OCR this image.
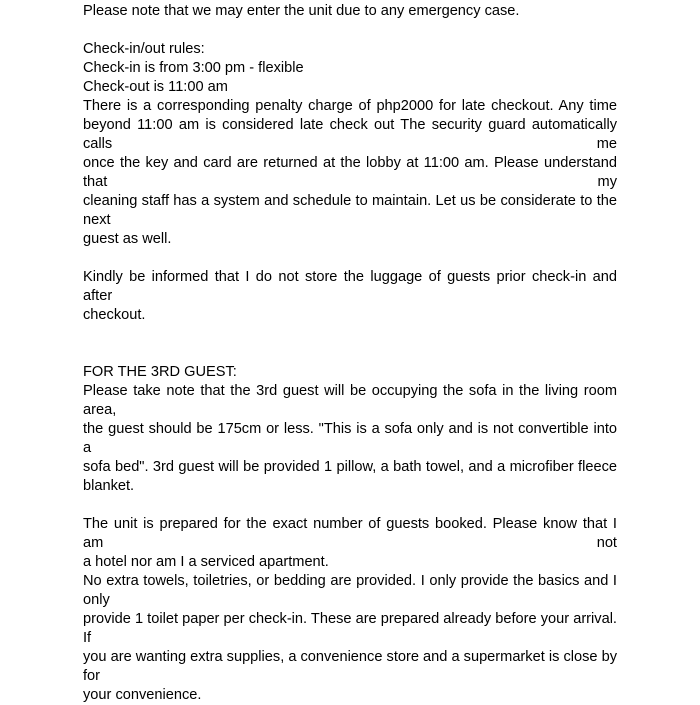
Please note that we may enter the unit due to any emergency case.
Check-in/out rules:
Check-in is from 3:00 pm - flexible
Check-out is 11:00 am
There is a corresponding penalty charge of php2000 for late checkout. Any time
beyond 11:00 am is considered late check out The security guard automatically calls me
once the key and card are returned at the lobby at 11:00 am. Please understand that my
cleaning staff has a system and schedule to maintain. Let us be considerate to the next
guest as well.
Kindly be informed that I do not store the luggage of guests prior check-in and after
checkout.
FOR THE 3RD GUEST:
Please take note that the 3rd guest will be occupying the sofa in the living room area,
the guest should be 175cm or less. "This is a sofa only and is not convertible into a
sofa bed". 3rd guest will be provided 1 pillow, a bath towel, and a microfiber fleece
blanket.
The unit is prepared for the exact number of guests booked. Please know that I am not
a hotel nor am I a serviced apartment.
No extra towels, toiletries, or bedding are provided. I only provide the basics and I only
provide 1 toilet paper per check-in. These are prepared already before your arrival. If
you are wanting extra supplies, a convenience store and a supermarket is close by for
your convenience.
